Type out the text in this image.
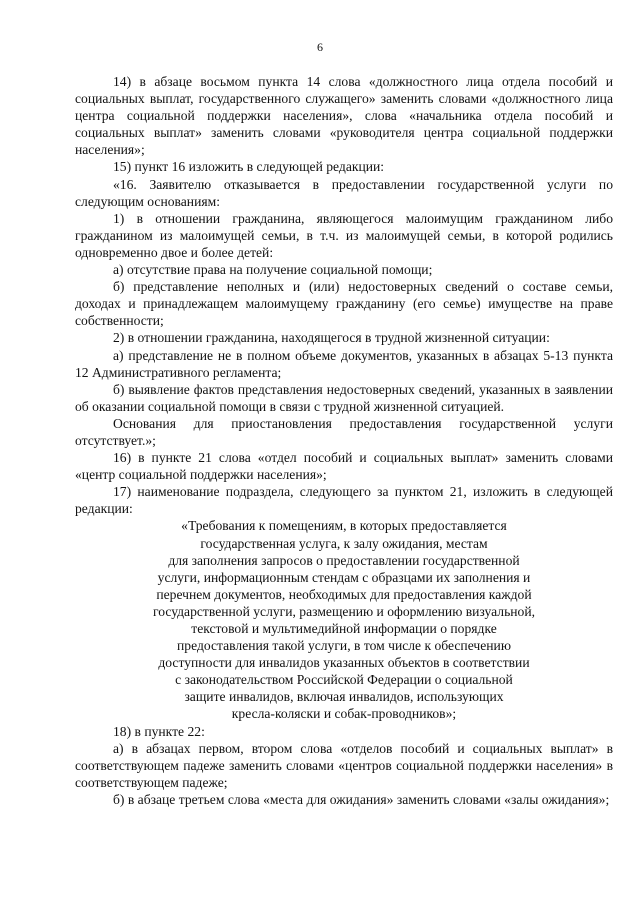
6

14) в абзаце восьмом пункта 14 слова «должностного лица отдела пособий и социальных выплат, государственного служащего» заменить словами «должностного лица центра социальной поддержки населения», слова «начальника отдела пособий и социальных выплат» заменить словами «руководителя центра социальной поддержки населения»;

15) пункт 16 изложить в следующей редакции:

«16. Заявителю отказывается в предоставлении государственной услуги по следующим основаниям:

1) в отношении гражданина, являющегося малоимущим гражданином либо гражданином из малоимущей семьи, в т.ч. из малоимущей семьи, в которой родились одновременно двое и более детей:

а) отсутствие права на получение социальной помощи;

б) представление неполных и (или) недостоверных сведений о составе семьи, доходах и принадлежащем малоимущему гражданину (его семье) имуществе на праве собственности;

2) в отношении гражданина, находящегося в трудной жизненной ситуации:

а) представление не в полном объеме документов, указанных в абзацах 5-13 пункта 12 Административного регламента;

б) выявление фактов представления недостоверных сведений, указанных в заявлении об оказании социальной помощи в связи с трудной жизненной ситуацией.

Основания для приостановления предоставления государственной услуги отсутствует.»;

16) в пункте 21 слова «отдел пособий и социальных выплат» заменить словами «центр социальной поддержки населения»;

17) наименование подраздела, следующего за пунктом 21, изложить в следующей редакции:

«Требования к помещениям, в которых предоставляется
государственная услуга, к залу ожидания, местам
для заполнения запросов о предоставлении государственной
услуги, информационным стендам с образцами их заполнения и
перечнем документов, необходимых для предоставления каждой
государственной услуги, размещению и оформлению визуальной,
текстовой и мультимедийной информации о порядке
предоставления такой услуги, в том числе к обеспечению
доступности для инвалидов указанных объектов в соответствии
с законодательством Российской Федерации о социальной
защите инвалидов, включая инвалидов, использующих
кресла-коляски и собак-проводников»;

18) в пункте 22:

а) в абзацах первом, втором слова «отделов пособий и социальных выплат» в соответствующем падеже заменить словами «центров социальной поддержки населения» в соответствующем падеже;

б) в абзаце третьем слова «места для ожидания» заменить словами «залы ожидания»;
